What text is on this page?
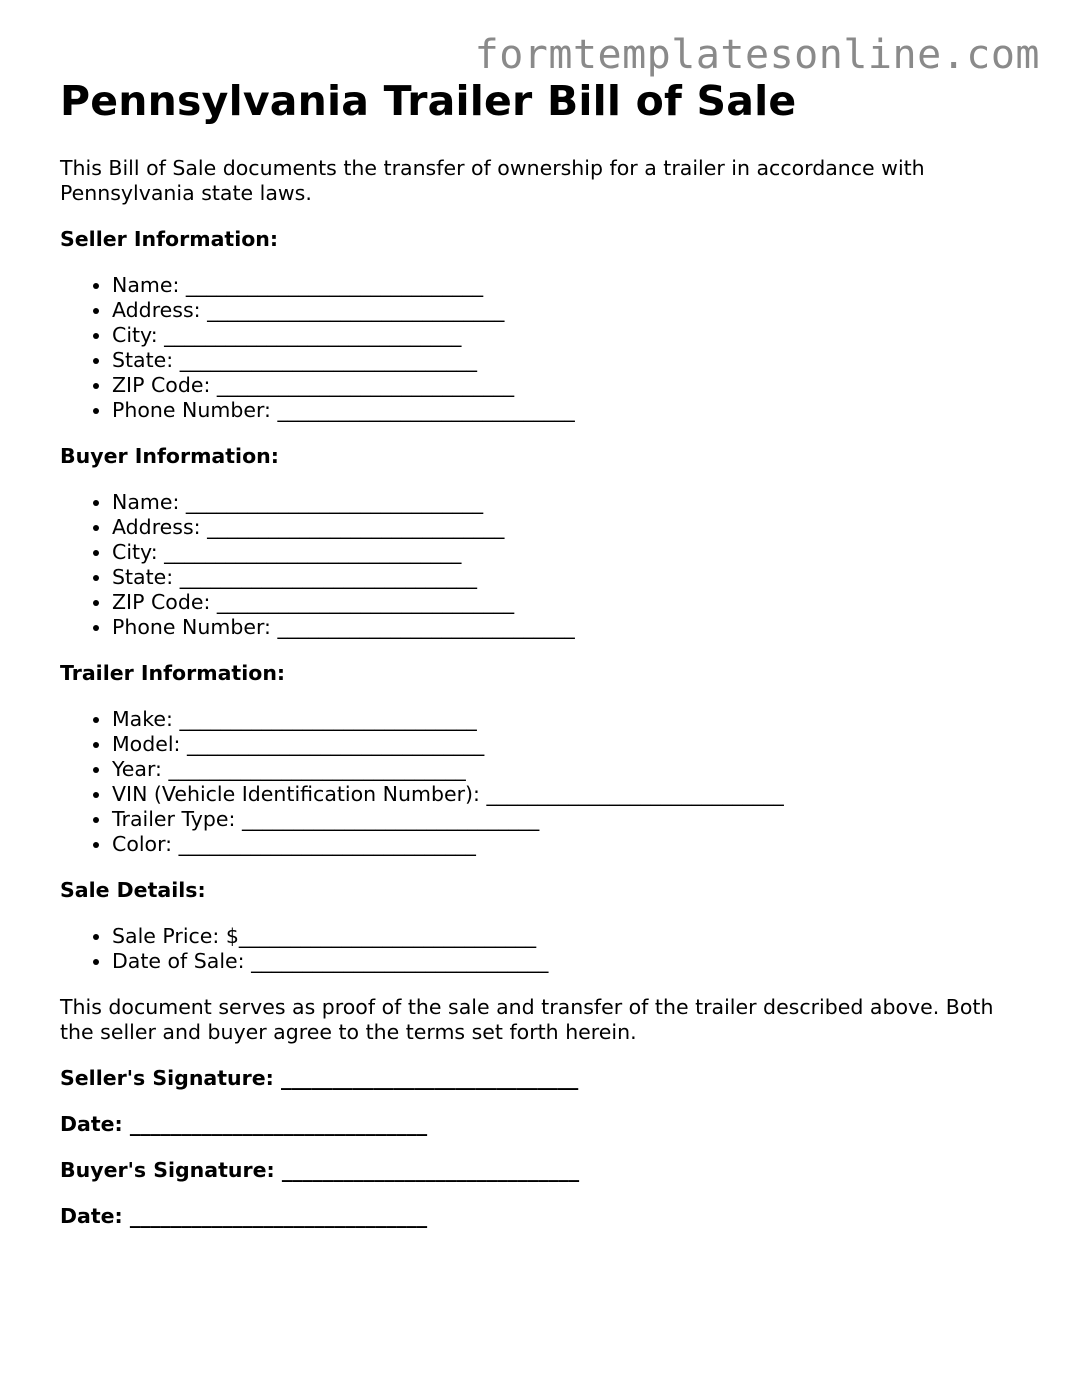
formtemplatesonline.com
Pennsylvania Trailer Bill of Sale

This Bill of Sale documents the transfer of ownership for a trailer in accordance with Pennsylvania state laws.

Seller Information:
• Name: _____________________________
• Address: _____________________________
• City: _____________________________
• State: _____________________________
• ZIP Code: _____________________________
• Phone Number: _____________________________
Buyer Information:
• Name: _____________________________
• Address: _____________________________
• City: _____________________________
• State: _____________________________
• ZIP Code: _____________________________
• Phone Number: _____________________________
Trailer Information:
• Make: _____________________________
• Model: _____________________________
• Year: _____________________________
• VIN (Vehicle Identification Number): _____________________________
• Trailer Type: _____________________________
• Color: _____________________________
Sale Details:
• Sale Price: $_____________________________
• Date of Sale: _____________________________

This document serves as proof of the sale and transfer of the trailer described above. Both the seller and buyer agree to the terms set forth herein.

Seller's Signature: _____________________________
Date: _____________________________
Buyer's Signature: _____________________________
Date: _____________________________
